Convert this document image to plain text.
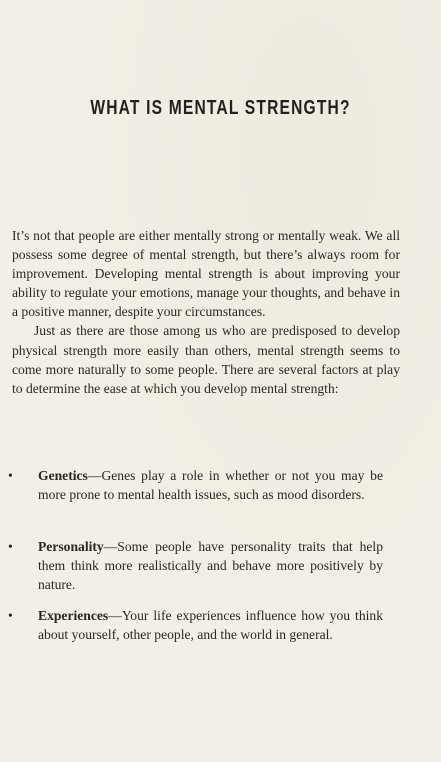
WHAT IS MENTAL STRENGTH?

It’s not that people are either mentally strong or mentally weak. We all possess some degree of mental strength, but there’s always room for improvement. Developing mental strength is about improving your ability to regulate your emotions, manage your thoughts, and behave in a positive manner, despite your circumstances.

Just as there are those among us who are predisposed to develop physical strength more easily than others, mental strength seems to come more naturally to some people. There are several factors at play to determine the ease at which you develop mental strength:

•	Genetics—Genes play a role in whether or not you may be more prone to mental health issues, such as mood disorders.
•	Personality—Some people have personality traits that help them think more realistically and behave more positively by nature.
•	Experiences—Your life experiences influence how you think about yourself, other people, and the world in general.
